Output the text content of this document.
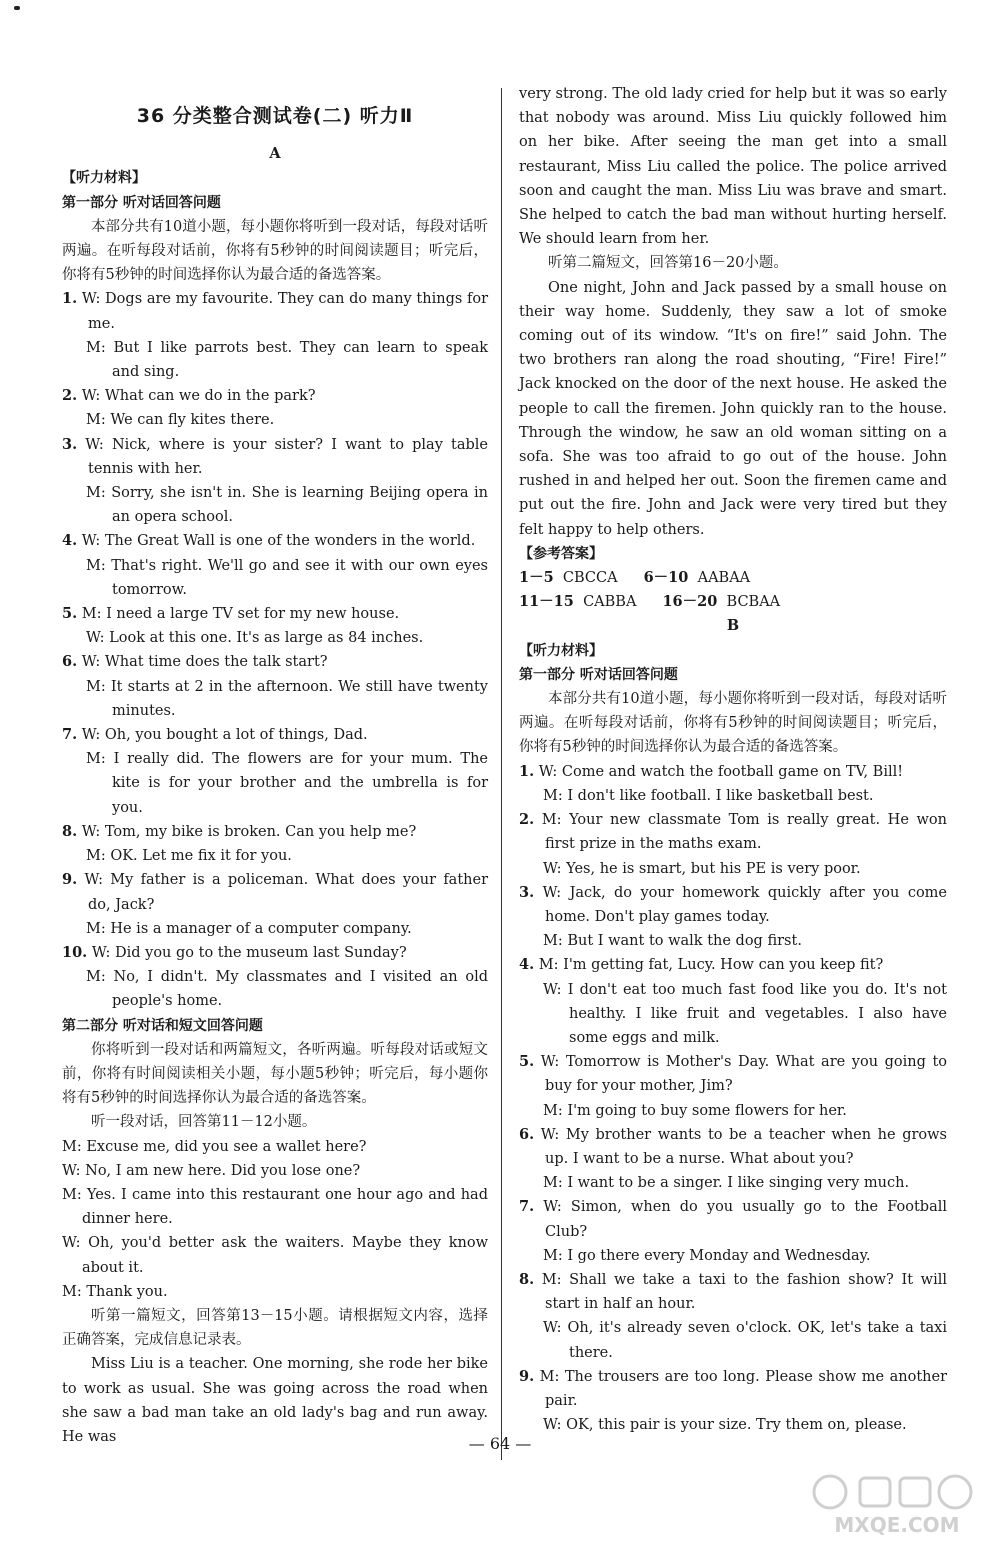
36 分类整合测试卷(二) 听力Ⅱ

A

【听力材料】

第一部分 听对话回答问题

本部分共有10道小题，每小题你将听到一段对话，每段对话听两遍。在听每段对话前，你将有5秒钟的时间阅读题目；听完后，你将有5秒钟的时间选择你认为最合适的备选答案。

1. W: Dogs are my favourite. They can do many things for me.

M: But I like parrots best. They can learn to speak and sing.

2. W: What can we do in the park?

M: We can fly kites there.

3. W: Nick, where is your sister? I want to play table tennis with her.

M: Sorry, she isn't in. She is learning Beijing opera in an opera school.

4. W: The Great Wall is one of the wonders in the world.

M: That's right. We'll go and see it with our own eyes tomorrow.

5. M: I need a large TV set for my new house.

W: Look at this one. It's as large as 84 inches.

6. W: What time does the talk start?

M: It starts at 2 in the afternoon. We still have twenty minutes.

7. W: Oh, you bought a lot of things, Dad.

M: I really did. The flowers are for your mum. The kite is for your brother and the umbrella is for you.

8. W: Tom, my bike is broken. Can you help me?

M: OK. Let me fix it for you.

9. W: My father is a policeman. What does your father do, Jack?

M: He is a manager of a computer company.

10. W: Did you go to the museum last Sunday?

M: No, I didn't. My classmates and I visited an old people's home.

第二部分 听对话和短文回答问题

你将听到一段对话和两篇短文，各听两遍。听每段对话或短文前，你将有时间阅读相关小题，每小题5秒钟；听完后，每小题你将有5秒钟的时间选择你认为最合适的备选答案。

听一段对话，回答第11－12小题。

M: Excuse me, did you see a wallet here?

W: No, I am new here. Did you lose one?

M: Yes. I came into this restaurant one hour ago and had dinner here.

W: Oh, you'd better ask the waiters. Maybe they know about it.

M: Thank you.

听第一篇短文，回答第13－15小题。请根据短文内容，选择正确答案，完成信息记录表。

Miss Liu is a teacher. One morning, she rode her bike to work as usual. She was going across the road when she saw a bad man take an old lady's bag and run away. He was

very strong. The old lady cried for help but it was so early that nobody was around. Miss Liu quickly followed him on her bike. After seeing the man get into a small restaurant, Miss Liu called the police. The police arrived soon and caught the man. Miss Liu was brave and smart. She helped to catch the bad man without hurting herself. We should learn from her.

听第二篇短文，回答第16－20小题。

One night, John and Jack passed by a small house on their way home. Suddenly, they saw a lot of smoke coming out of its window. “It's on fire!” said John. The two brothers ran along the road shouting, “Fire! Fire!” Jack knocked on the door of the next house. He asked the people to call the firemen. John quickly ran to the house. Through the window, he saw an old woman sitting on a sofa. She was too afraid to go out of the house. John rushed in and helped her out. Soon the firemen came and put out the fire. John and Jack were very tired but they felt happy to help others.

【参考答案】

1－5 CBCCA 6－10 AABAA

11－15 CABBA 16－20 BCBAA

B

【听力材料】

第一部分 听对话回答问题

本部分共有10道小题，每小题你将听到一段对话，每段对话听两遍。在听每段对话前，你将有5秒钟的时间阅读题目；听完后，你将有5秒钟的时间选择你认为最合适的备选答案。

1. W: Come and watch the football game on TV, Bill!

M: I don't like football. I like basketball best.

2. M: Your new classmate Tom is really great. He won first prize in the maths exam.

W: Yes, he is smart, but his PE is very poor.

3. W: Jack, do your homework quickly after you come home. Don't play games today.

M: But I want to walk the dog first.

4. M: I'm getting fat, Lucy. How can you keep fit?

W: I don't eat too much fast food like you do. It's not healthy. I like fruit and vegetables. I also have some eggs and milk.

5. W: Tomorrow is Mother's Day. What are you going to buy for your mother, Jim?

M: I'm going to buy some flowers for her.

6. W: My brother wants to be a teacher when he grows up. I want to be a nurse. What about you?

M: I want to be a singer. I like singing very much.

7. W: Simon, when do you usually go to the Football Club?

M: I go there every Monday and Wednesday.

8. M: Shall we take a taxi to the fashion show? It will start in half an hour.

W: Oh, it's already seven o'clock. OK, let's take a taxi there.

9. M: The trousers are too long. Please show me another pair.

W: OK, this pair is your size. Try them on, please.

— 64 —
MXQE.COM
